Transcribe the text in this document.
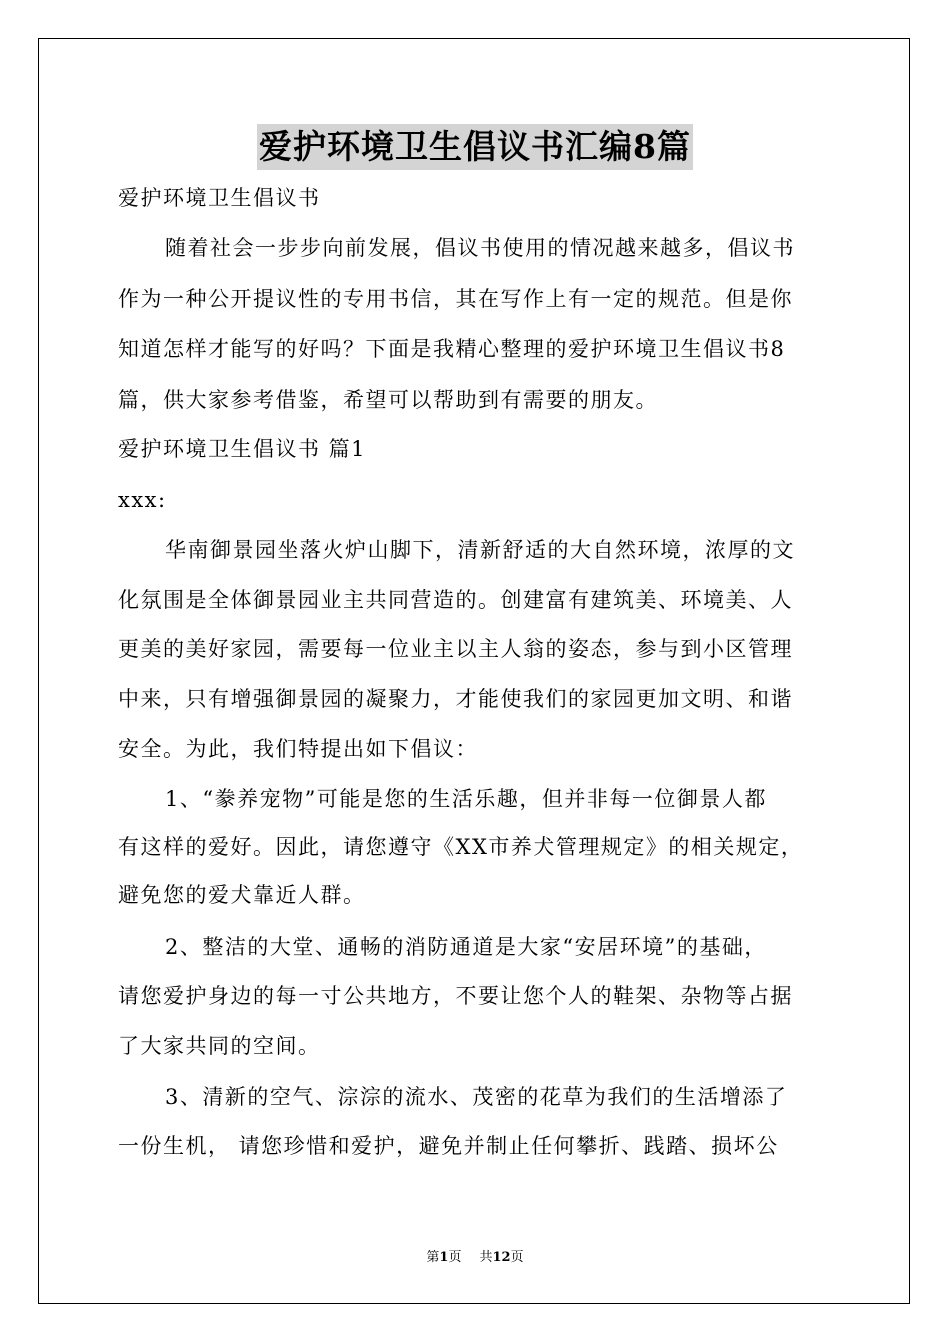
爱护环境卫生倡议书汇编8篇

爱护环境卫生倡议书

随着社会一步步向前发展，倡议书使用的情况越来越多，倡议书

作为一种公开提议性的专用书信，其在写作上有一定的规范。但是你

知道怎样才能写的好吗？下面是我精心整理的爱护环境卫生倡议书8

篇，供大家参考借鉴，希望可以帮助到有需要的朋友。

爱护环境卫生倡议书 篇1

xxx:

华南御景园坐落火炉山脚下，清新舒适的大自然环境，浓厚的文

化氛围是全体御景园业主共同营造的。创建富有建筑美、环境美、人

更美的美好家园，需要每一位业主以主人翁的姿态，参与到小区管理

中来，只有增强御景园的凝聚力，才能使我们的家园更加文明、和谐

安全。为此，我们特提出如下倡议：

1、“豢养宠物”可能是您的生活乐趣，但并非每一位御景人都

有这样的爱好。因此，请您遵守《XX市养犬管理规定》的相关规定，

避免您的爱犬靠近人群。

2、整洁的大堂、通畅的消防通道是大家“安居环境”的基础，

请您爱护身边的每一寸公共地方，不要让您个人的鞋架、杂物等占据

了大家共同的空间。

3、清新的空气、淙淙的流水、茂密的花草为我们的生活增添了

一份生机， 请您珍惜和爱护，避免并制止任何攀折、践踏、损坏公

第1页 共12页
